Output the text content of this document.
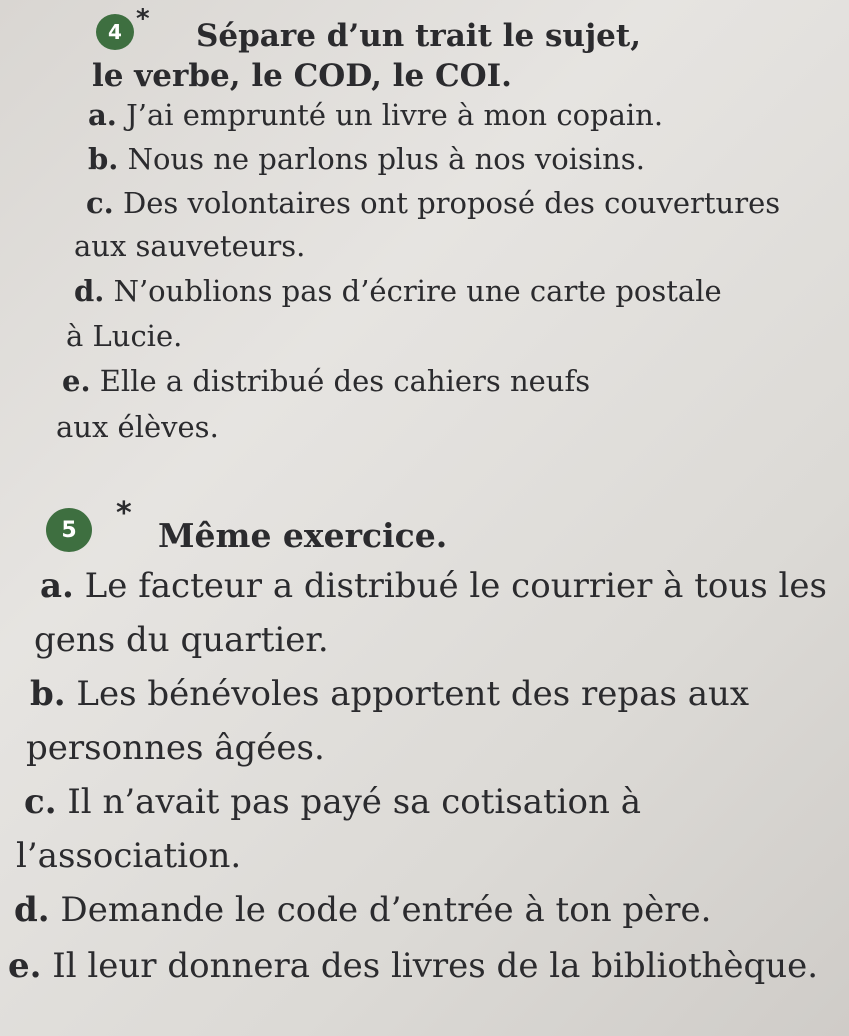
4 * Sépare d’un trait le sujet,
le verbe, le COD, le COI.
a. J’ai emprunté un livre à mon copain.
b. Nous ne parlons plus à nos voisins.
c. Des volontaires ont proposé des couvertures
aux sauveteurs.
d. N’oublions pas d’écrire une carte postale
à Lucie.
e. Elle a distribué des cahiers neufs
aux élèves.
5	*
Même exercice.
a. Le facteur a distribué le courrier à tous les
gens du quartier.
b. Les bénévoles apportent des repas aux
personnes âgées.
c. Il n’avait pas payé sa cotisation à
l’association.
d. Demande le code d’entrée à ton père.
e. Il leur donnera des livres de la bibliothèque.
